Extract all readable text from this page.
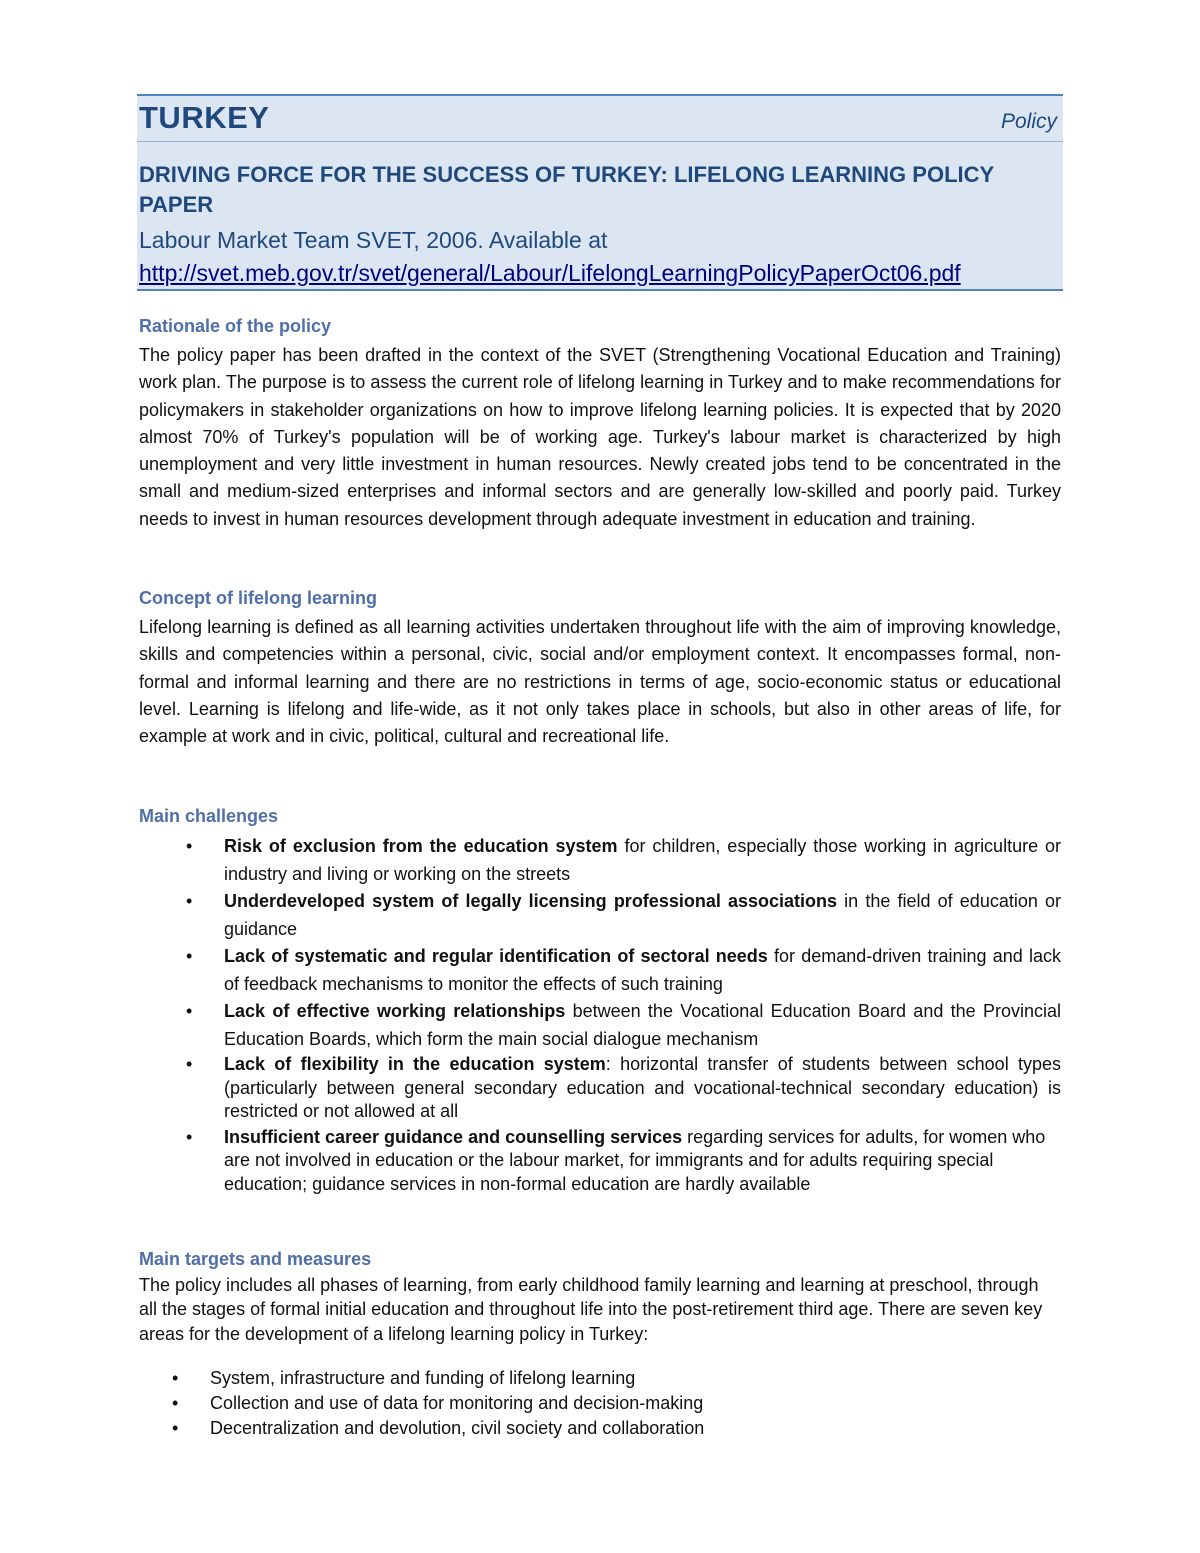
TURKEY	Policy
DRIVING FORCE FOR THE SUCCESS OF TURKEY: LIFELONG LEARNING POLICY PAPER
Labour Market Team SVET, 2006. Available at
http://svet.meb.gov.tr/svet/general/Labour/LifelongLearningPolicyPaperOct06.pdf
Rationale of the policy

The policy paper has been drafted in the context of the SVET (Strengthening Vocational Education and Training) work plan. The purpose is to assess the current role of lifelong learning in Turkey and to make recommendations for policymakers in stakeholder organizations on how to improve lifelong learning policies. It is expected that by 2020 almost 70% of Turkey's population will be of working age. Turkey's labour market is characterized by high unemployment and very little investment in human resources. Newly created jobs tend to be concentrated in the small and medium-sized enterprises and informal sectors and are generally low-skilled and poorly paid. Turkey needs to invest in human resources development through adequate investment in education and training.

Concept of lifelong learning

Lifelong learning is defined as all learning activities undertaken throughout life with the aim of improving knowledge, skills and competencies within a personal, civic, social and/or employment context. It encompasses formal, non-formal and informal learning and there are no restrictions in terms of age, socio-economic status or educational level. Learning is lifelong and life-wide, as it not only takes place in schools, but also in other areas of life, for example at work and in civic, political, cultural and recreational life.

Main challenges
• Risk of exclusion from the education system for children, especially those working in agriculture or industry and living or working on the streets
• Underdeveloped system of legally licensing professional associations in the field of education or guidance
• Lack of systematic and regular identification of sectoral needs for demand-driven training and lack of feedback mechanisms to monitor the effects of such training
• Lack of effective working relationships between the Vocational Education Board and the Provincial Education Boards, which form the main social dialogue mechanism
• Lack of flexibility in the education system: horizontal transfer of students between school types (particularly between general secondary education and vocational-technical secondary education) is restricted or not allowed at all
• Insufficient career guidance and counselling services regarding services for adults, for women who are not involved in education or the labour market, for immigrants and for adults requiring special education; guidance services in non-formal education are hardly available
Main targets and measures

The policy includes all phases of learning, from early childhood family learning and learning at preschool, through all the stages of formal initial education and throughout life into the post-retirement third age. There are seven key areas for the development of a lifelong learning policy in Turkey:

• System, infrastructure and funding of lifelong learning
• Collection and use of data for monitoring and decision-making
• Decentralization and devolution, civil society and collaboration
